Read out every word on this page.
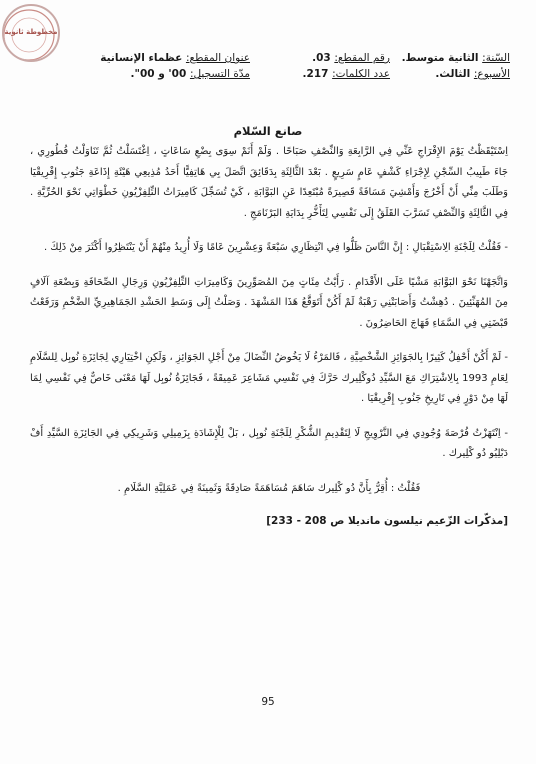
مخطوطة ثانوية
السّنة: الثانية متوسط.
رقم المقطع: 03.
عنوان المقطع: عظماء الإنسانية
الأسبوع: الثالث.
عدد الكلمات: 217.
مدّة التسجيل: 00' و 00".
صانع السّلام

اِسْتَيْقَظْتُ يَوْمَ الإِفْرَاجِ عَنِّي فِي الرَّابِعَةِ وَالنِّصْفِ صَبَاحًا . وَلَمْ أَنَمْ سِوَى بِضْعِ سَاعَاتٍ ، اِغْتَسَلْتُ ثُمَّ تَنَاوَلْتُ فُطُورِي ، جَاءَ طَبِيبُ السِّجْنِ لِإِجْرَاءِ كَشْفٍ عَامٍ سَرِيعٍ . بَعْدَ الثَّالِثَةِ بِدَقَائِقَ اتَّصَلَ بِي هَاتِفِيًّا أَحَدُ مُذِيعِي هَيْئَةِ إِذَاعَةِ جَنُوبِ إِفْرِيقْيَا وَطَلَبَ مِنِّي أَنْ أَخْرُجَ وَأَمْشِيَ مَسَافَةً قَصِيرَةً مُبْتَعِدًا عَنِ البَوَّابَةِ ، كَيْ تُسَجِّلَ كَامِيرَاتُ التِّلِفِزْيُونِ خَطْوَاتِي نَحْوَ الحُرِّيَّةِ . فِي الثَّالِثَةِ وَالنِّصْفِ تَسَرَّبَ القَلَقُ إِلَى نَفْسِي لِتَأَخُّرِ بِدَايَةِ البَرْنَامَجِ .

- فَقُلْتُ لِلَجْنَةِ الِاسْتِقْبَالِ : إِنَّ النَّاسَ ظَلُّوا فِي انْتِظَارِي سَبْعَةً وَعِشْرِينَ عَامًا وَلَا أُرِيدُ مِنْهُمْ أَنْ يَنْتَظِرُوا أَكْثَرَ مِنْ ذَلِكَ .

وَاتَّجَهْنَا نَحْوَ البَوَّابَةِ مَشْيًا عَلَى الأَقْدَامِ . رَأَيْتُ مِئَاتٍ مِنَ المُصَوِّرِينَ وَكَامِيرَاتِ التِّلِفِزْيُونِ وَرِجَالِ الصِّحَافَةِ وَبِضْعَةِ آلَافٍ مِنَ المُهَنِّئِينَ . دُهِشْتُ وَأَصَابَتْنِي رَهْبَةٌ لَمْ أَكُنْ أَتَوَقَّعُ هَذَا المَشْهَدَ . وَصَلْتُ إِلَى وَسَطِ الحَشْدِ الجَمَاهِيرِيِّ الضَّخْمِ وَرَفَعْتُ قَبْضَتِي فِي السَّمَاءِ فَهَاجَ الحَاضِرُونَ .

- لَمْ أَكُنْ أَحْفِلُ كَثِيرًا بِالجَوَائِزِ الشَّخْصِيَّةِ ، فَالمَرْءُ لَا يَخُوضُ النِّضَالَ مِنْ أَجْلِ الجَوَائِزِ ، وَلَكِنِ اخْتِيَارِي لِجَائِزَةِ نُوبِل لِلسَّلَامِ لِعَامِ 1993 بِالِاشْتِرَاكِ مَعَ السَّيِّدِ دُوكْلِيرك حَرَّكَ فِي نَفْسِي مَشَاعِرَ عَمِيقَةً ، فَجَائِزَةُ نُوبِل لَهَا مَعْنَى خَاصٌّ فِي نَفْسِي لِمَا لَهَا مِنْ دَوْرٍ فِي تَارِيخِ جَنُوبِ إِفْرِيقْيَا .

- اِنْتَهَزْتُ فُرْصَةَ وُجُودِي فِي النَّرْوِيجِ لَا لِتَقْدِيمِ الشُّكْرِ لِلَجْنَةِ نُوبِل ، بَلْ لِلْإِشَادَةِ بِزَمِيلِي وَشَرِيكِي فِي الجَائِزَةِ السَّيِّدِ أَفْ دَبْلِيُو دُو كْلِيرك .

فَقُلْتُ : أُقِرُّ بِأَنَّ دُو كْلِيرك سَاهَمَ مُسَاهَمَةً صَادِقَةً وَثَمِينَةً فِي عَمَلِيَّةِ السَّلَامِ .

[مذكّرات الزّعيم نيلسون مانديلا ص 208 - 233]

95
